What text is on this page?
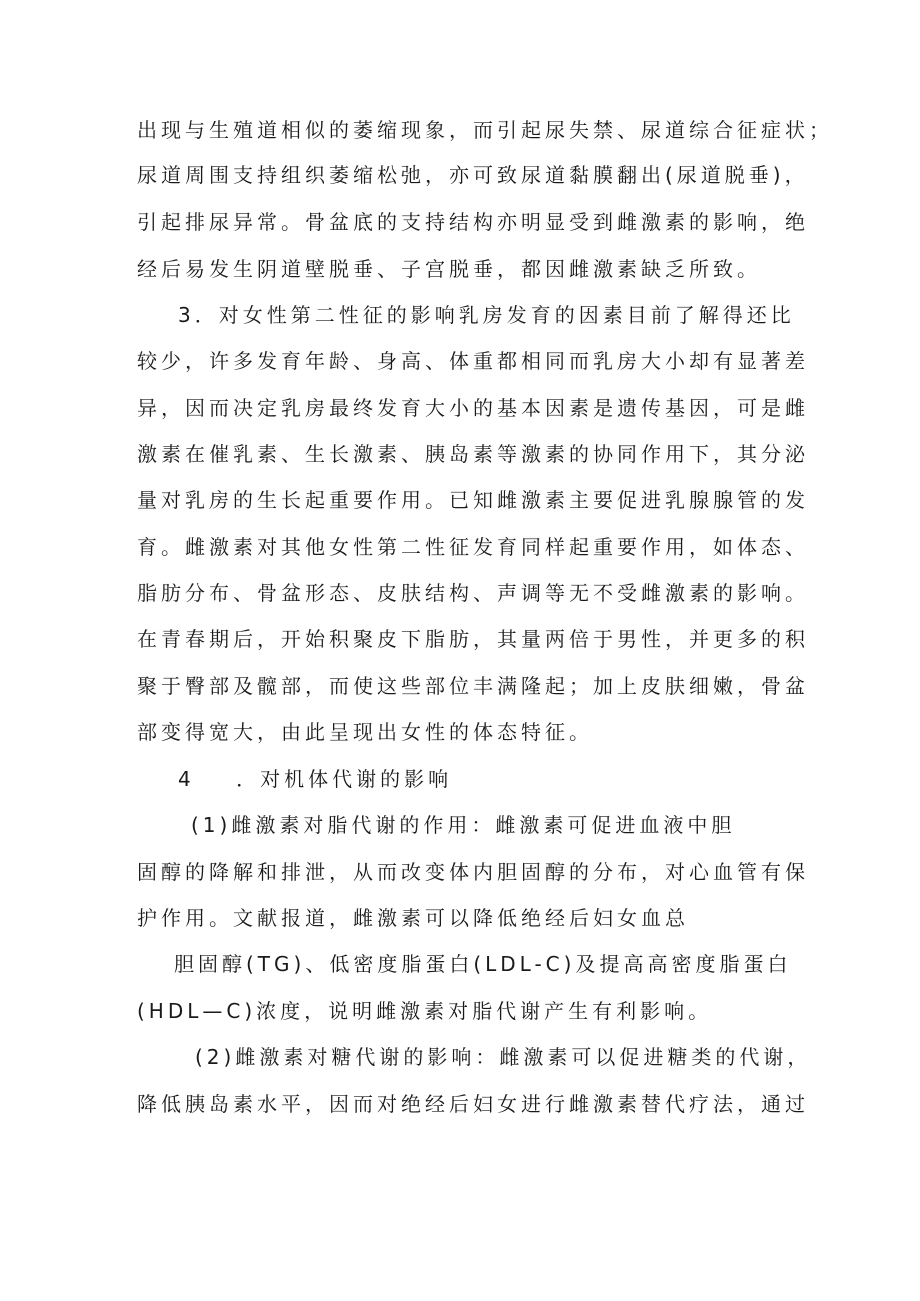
出现与生殖道相似的萎缩现象，而引起尿失禁、尿道综合征症状；

尿道周围支持组织萎缩松弛，亦可致尿道黏膜翻出(尿道脱垂)，

引起排尿异常。骨盆底的支持结构亦明显受到雌激素的影响，绝

经后易发生阴道壁脱垂、子宫脱垂，都因雌激素缺乏所致。

3．对女性第二性征的影响乳房发育的因素目前了解得还比

较少，许多发育年龄、身高、体重都相同而乳房大小却有显著差

异，因而决定乳房最终发育大小的基本因素是遗传基因，可是雌

激素在催乳素、生长激素、胰岛素等激素的协同作用下，其分泌

量对乳房的生长起重要作用。已知雌激素主要促进乳腺腺管的发

育。雌激素对其他女性第二性征发育同样起重要作用，如体态、

脂肪分布、骨盆形态、皮肤结构、声调等无不受雌激素的影响。

在青春期后，开始积聚皮下脂肪，其量两倍于男性，并更多的积

聚于臀部及髋部，而使这些部位丰满隆起；加上皮肤细嫩，骨盆

部变得宽大，由此呈现出女性的体态特征。

4    ．对机体代谢的影响

(1)雌激素对脂代谢的作用：雌激素可促进血液中胆

固醇的降解和排泄，从而改变体内胆固醇的分布，对心血管有保

护作用。文献报道，雌激素可以降低绝经后妇女血总

胆固醇(TG)、低密度脂蛋白(LDL-C)及提高高密度脂蛋白

(HDL—C)浓度，说明雌激素对脂代谢产生有利影响。

(2)雌激素对糖代谢的影响：雌激素可以促进糖类的代谢，

降低胰岛素水平，因而对绝经后妇女进行雌激素替代疗法，通过
